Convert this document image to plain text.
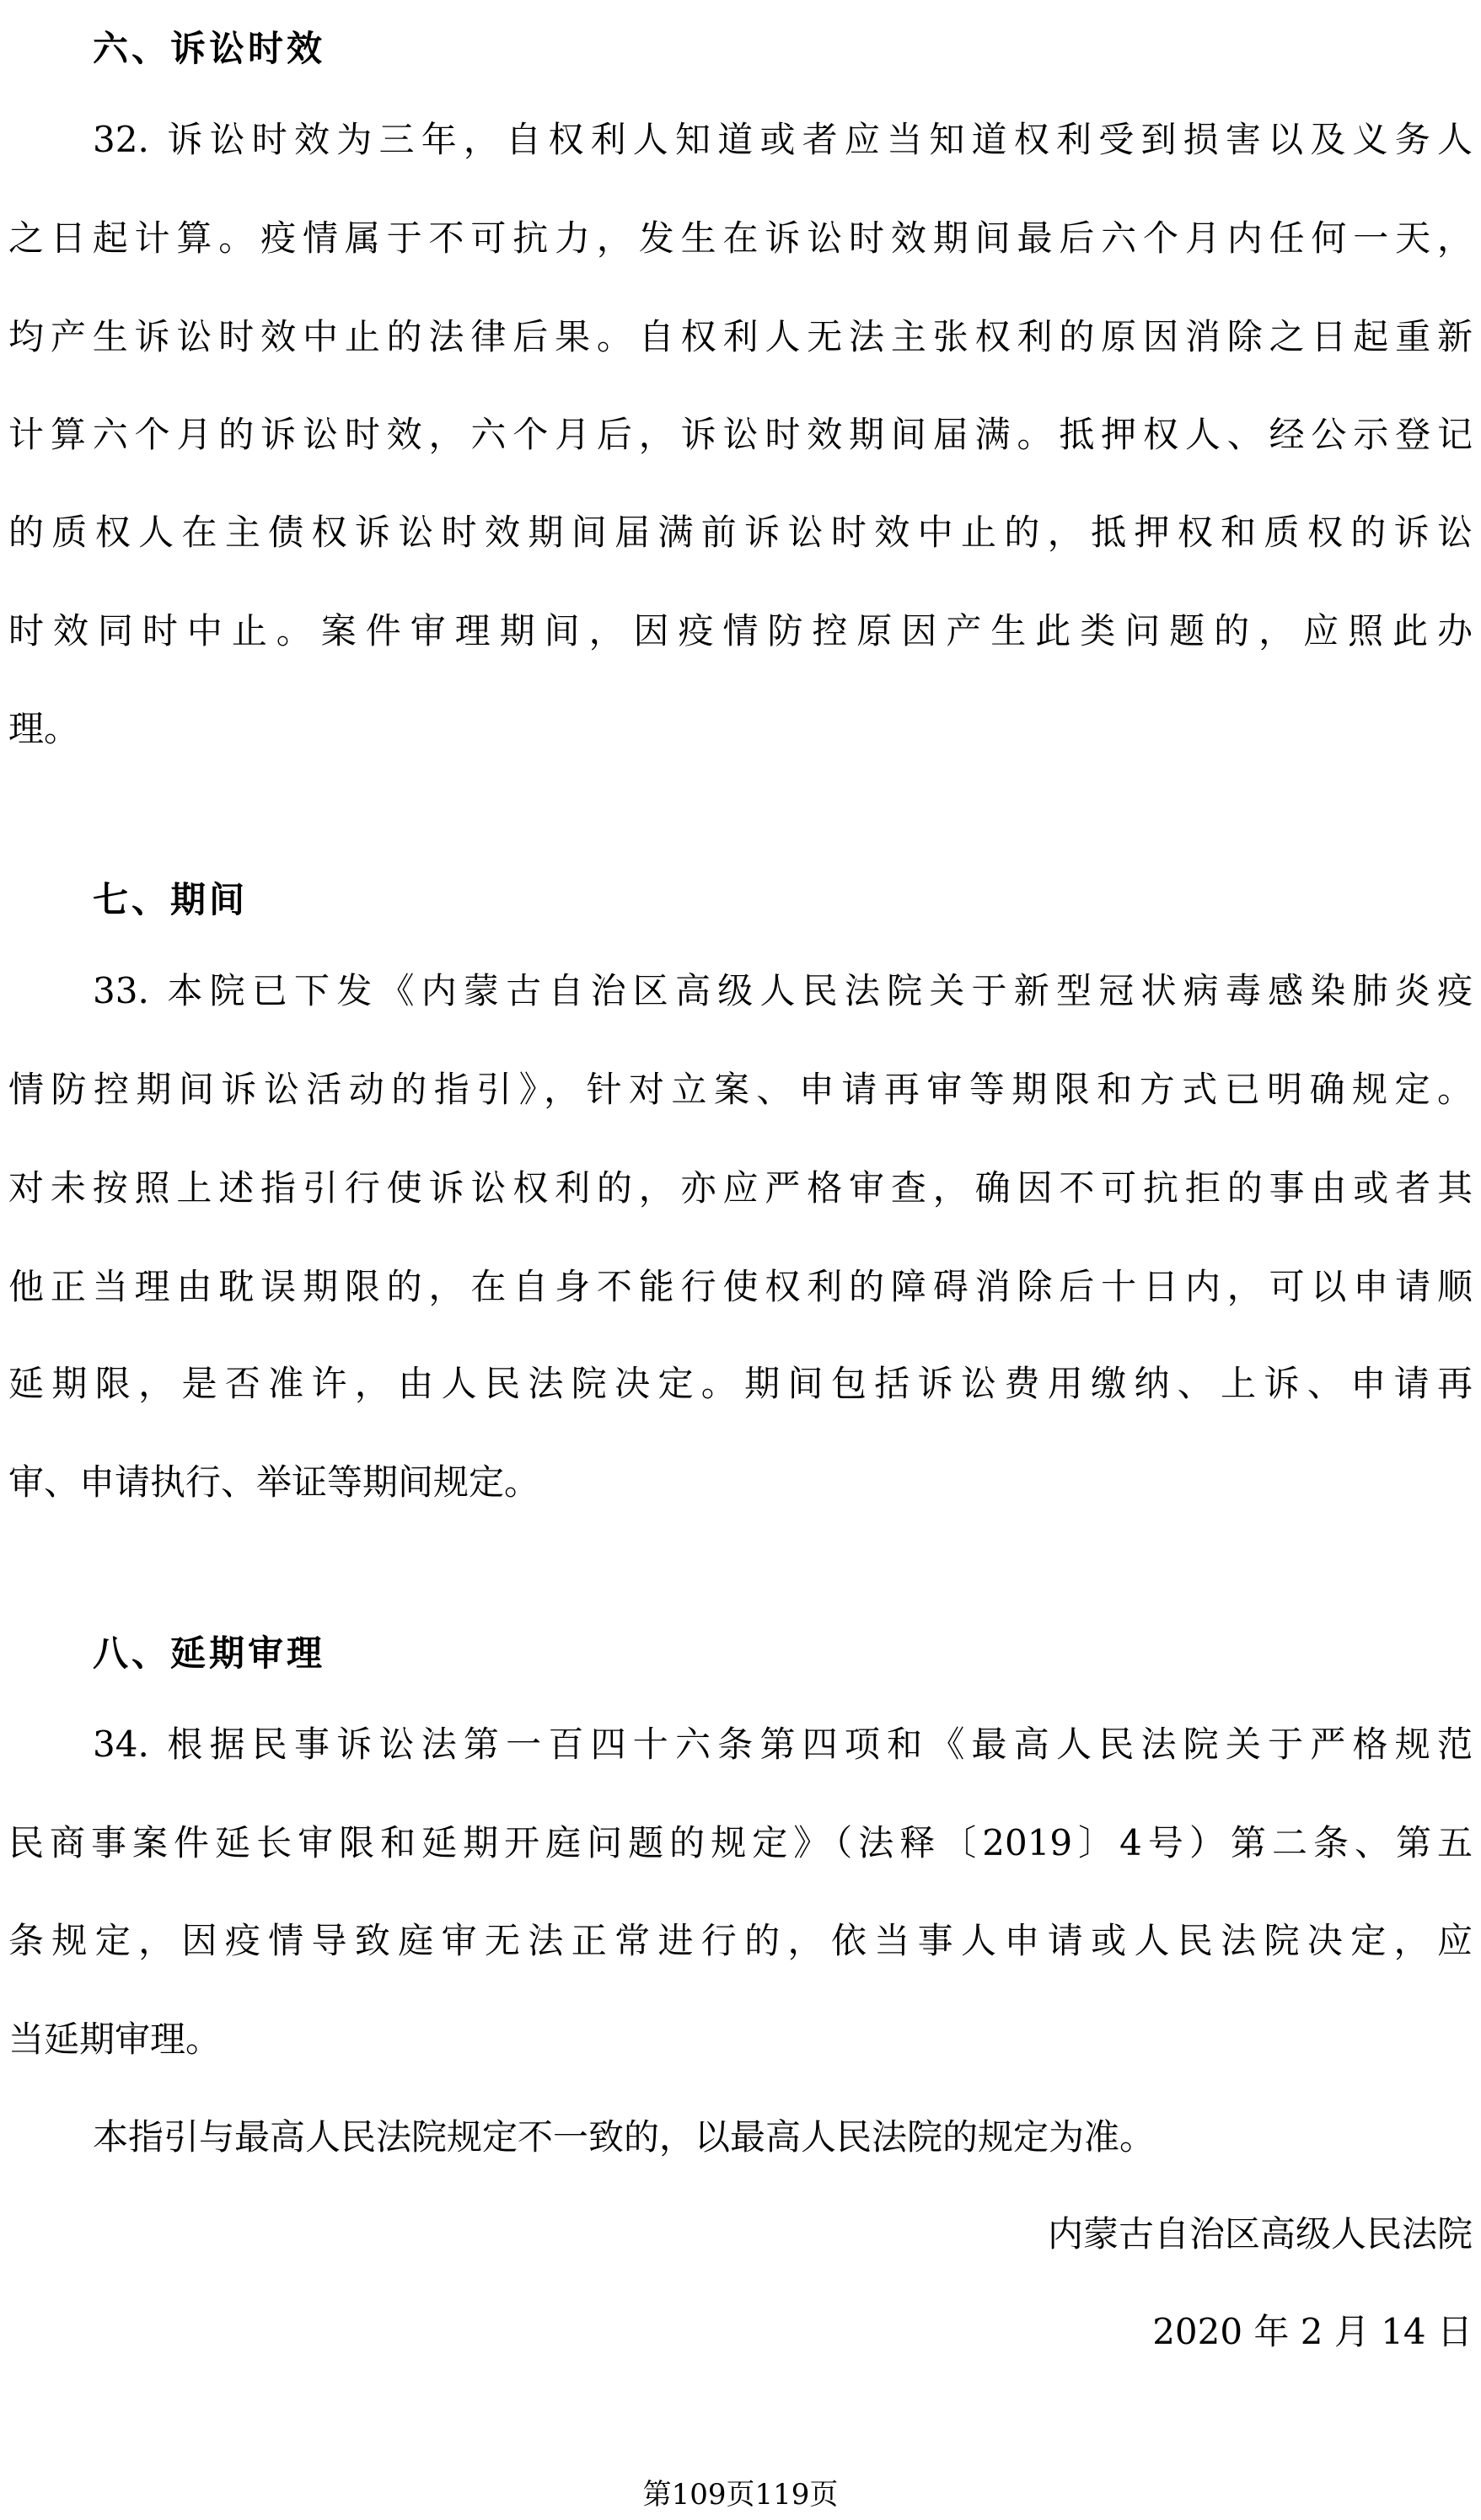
六、诉讼时效
32. 诉讼时效为三年，自权利人知道或者应当知道权利受到损害以及义务人
之日起计算。疫情属于不可抗力，发生在诉讼时效期间最后六个月内任何一天，
均产生诉讼时效中止的法律后果。自权利人无法主张权利的原因消除之日起重新
计算六个月的诉讼时效，六个月后，诉讼时效期间届满。抵押权人、经公示登记
的质权人在主债权诉讼时效期间届满前诉讼时效中止的，抵押权和质权的诉讼
时效同时中止。案件审理期间，因疫情防控原因产生此类问题的，应照此办
理。
七、期间
33. 本院已下发《内蒙古自治区高级人民法院关于新型冠状病毒感染肺炎疫
情防控期间诉讼活动的指引》，针对立案、申请再审等期限和方式已明确规定。
对未按照上述指引行使诉讼权利的，亦应严格审查，确因不可抗拒的事由或者其
他正当理由耽误期限的，在自身不能行使权利的障碍消除后十日内，可以申请顺
延期限，是否准许，由人民法院决定。期间包括诉讼费用缴纳、上诉、申请再
审、申请执行、举证等期间规定。
八、延期审理
34. 根据民事诉讼法第一百四十六条第四项和《最高人民法院关于严格规范
民商事案件延长审限和延期开庭问题的规定》（法释〔2019〕4号）第二条、第五
条规定，因疫情导致庭审无法正常进行的，依当事人申请或人民法院决定，应
当延期审理。
本指引与最高人民法院规定不一致的，以最高人民法院的规定为准。
内蒙古自治区高级人民法院
2020 年 2 月 14 日
第109页119页
